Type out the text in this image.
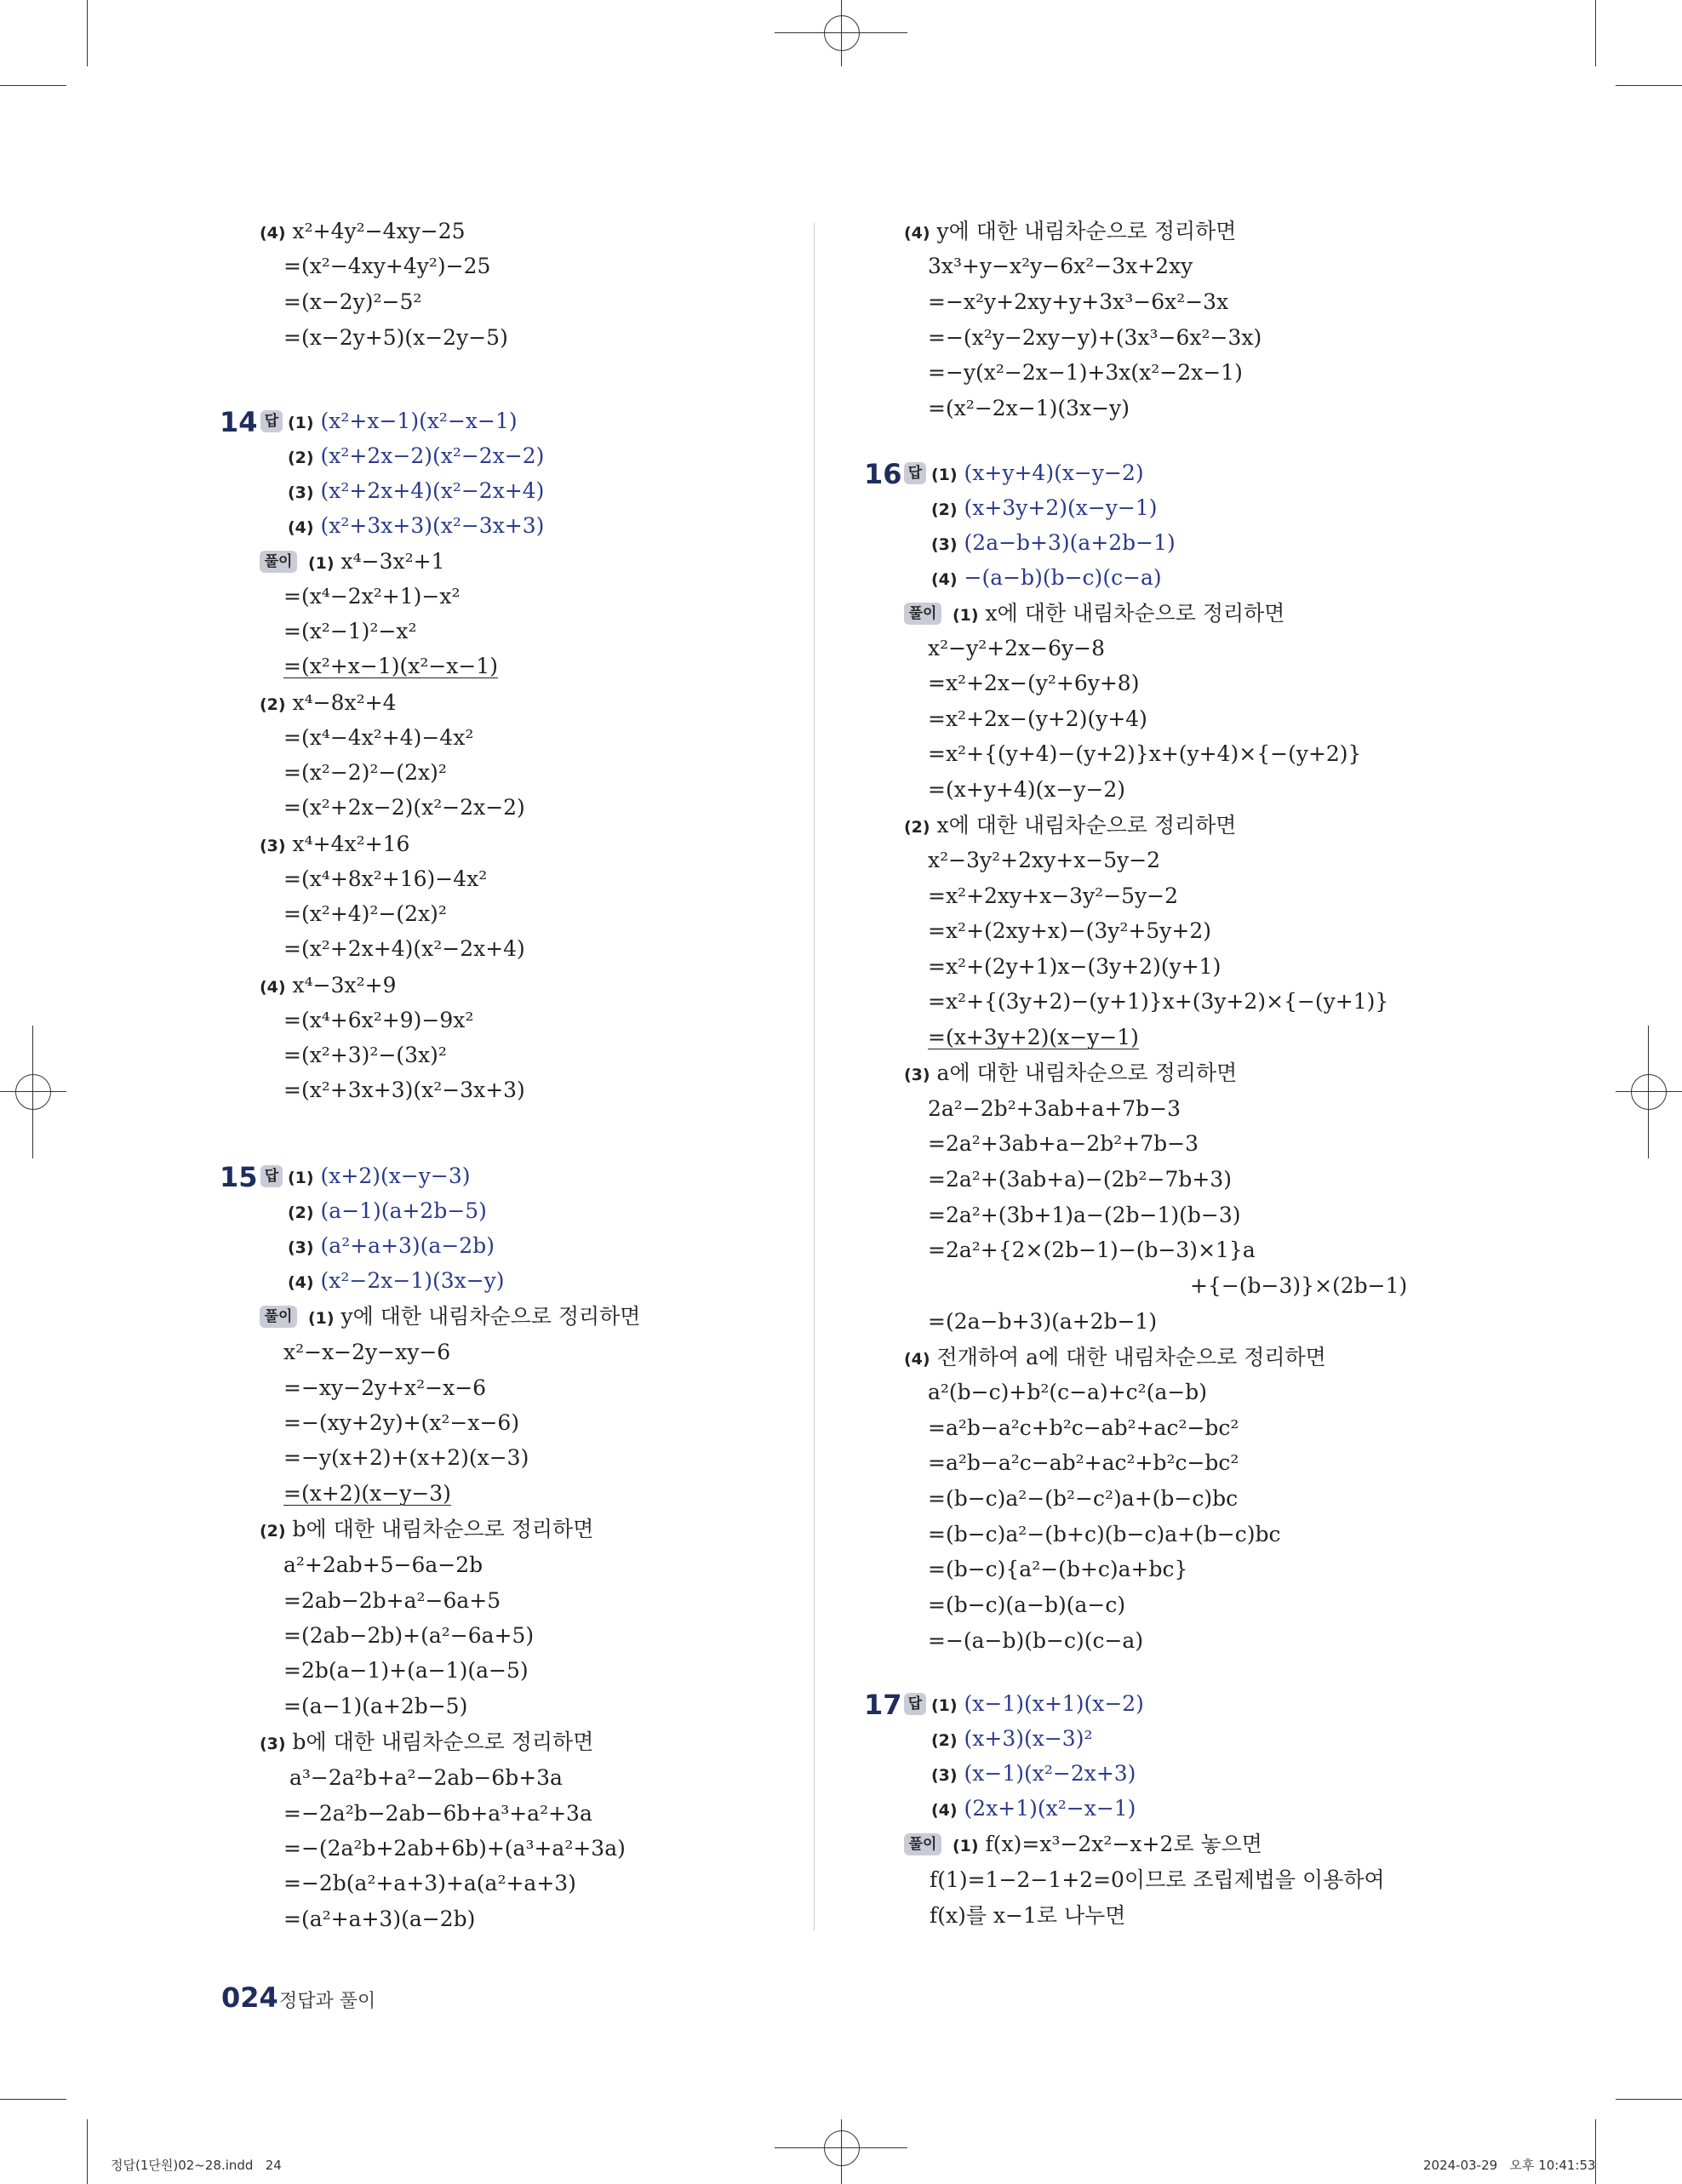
(4) x²+4y²−4xy−25
=(x²−4xy+4y²)−25
=(x−2y)²−5²
=(x−2y+5)(x−2y−5)
14 답 (1) (x²+x−1)(x²−x−1)
(2) (x²+2x−2)(x²−2x−2)
(3) (x²+2x+4)(x²−2x+4)
(4) (x²+3x+3)(x²−3x+3)
풀이 (1) x⁴−3x²+1
=(x⁴−2x²+1)−x²
=(x²−1)²−x²
=(x²+x−1)(x²−x−1)
(2) x⁴−8x²+4
=(x⁴−4x²+4)−4x²
=(x²−2)²−(2x)²
=(x²+2x−2)(x²−2x−2)
(3) x⁴+4x²+16
=(x⁴+8x²+16)−4x²
=(x²+4)²−(2x)²
=(x²+2x+4)(x²−2x+4)
(4) x⁴−3x²+9
=(x⁴+6x²+9)−9x²
=(x²+3)²−(3x)²
=(x²+3x+3)(x²−3x+3)
15 답 (1) (x+2)(x−y−3)
(2) (a−1)(a+2b−5)
(3) (a²+a+3)(a−2b)
(4) (x²−2x−1)(3x−y)
풀이 (1) y에 대한 내림차순으로 정리하면
x²−x−2y−xy−6
=−xy−2y+x²−x−6
=−(xy+2y)+(x²−x−6)
=−y(x+2)+(x+2)(x−3)
=(x+2)(x−y−3)
(2) b에 대한 내림차순으로 정리하면
a²+2ab+5−6a−2b
=2ab−2b+a²−6a+5
=(2ab−2b)+(a²−6a+5)
=2b(a−1)+(a−1)(a−5)
=(a−1)(a+2b−5)
(3) b에 대한 내림차순으로 정리하면
a³−2a²b+a²−2ab−6b+3a
=−2a²b−2ab−6b+a³+a²+3a
=−(2a²b+2ab+6b)+(a³+a²+3a)
=−2b(a²+a+3)+a(a²+a+3)
=(a²+a+3)(a−2b)
(4) y에 대한 내림차순으로 정리하면
3x³+y−x²y−6x²−3x+2xy
=−x²y+2xy+y+3x³−6x²−3x
=−(x²y−2xy−y)+(3x³−6x²−3x)
=−y(x²−2x−1)+3x(x²−2x−1)
=(x²−2x−1)(3x−y)
16 답 (1) (x+y+4)(x−y−2)
(2) (x+3y+2)(x−y−1)
(3) (2a−b+3)(a+2b−1)
(4) −(a−b)(b−c)(c−a)
풀이 (1) x에 대한 내림차순으로 정리하면
x²−y²+2x−6y−8
=x²+2x−(y²+6y+8)
=x²+2x−(y+2)(y+4)
=x²+{(y+4)−(y+2)}x+(y+4)×{−(y+2)}
=(x+y+4)(x−y−2)
(2) x에 대한 내림차순으로 정리하면
x²−3y²+2xy+x−5y−2
=x²+2xy+x−3y²−5y−2
=x²+(2xy+x)−(3y²+5y+2)
=x²+(2y+1)x−(3y+2)(y+1)
=x²+{(3y+2)−(y+1)}x+(3y+2)×{−(y+1)}
=(x+3y+2)(x−y−1)
(3) a에 대한 내림차순으로 정리하면
2a²−2b²+3ab+a+7b−3
=2a²+3ab+a−2b²+7b−3
=2a²+(3ab+a)−(2b²−7b+3)
=2a²+(3b+1)a−(2b−1)(b−3)
=2a²+{2×(2b−1)−(b−3)×1}a
+{−(b−3)}×(2b−1)
=(2a−b+3)(a+2b−1)
(4) 전개하여 a에 대한 내림차순으로 정리하면
a²(b−c)+b²(c−a)+c²(a−b)
=a²b−a²c+b²c−ab²+ac²−bc²
=a²b−a²c−ab²+ac²+b²c−bc²
=(b−c)a²−(b²−c²)a+(b−c)bc
=(b−c)a²−(b+c)(b−c)a+(b−c)bc
=(b−c){a²−(b+c)a+bc}
=(b−c)(a−b)(a−c)
=−(a−b)(b−c)(c−a)
17 답 (1) (x−1)(x+1)(x−2)
(2) (x+3)(x−3)²
(3) (x−1)(x²−2x+3)
(4) (2x+1)(x²−x−1)
풀이 (1) f(x)=x³−2x²−x+2로 놓으면
f(1)=1−2−1+2=0이므로 조립제법을 이용하여
f(x)를 x−1로 나누면
024 정답과 풀이
정답(1단원)02~28.indd   24	2024-03-29   오후 10:41:53
